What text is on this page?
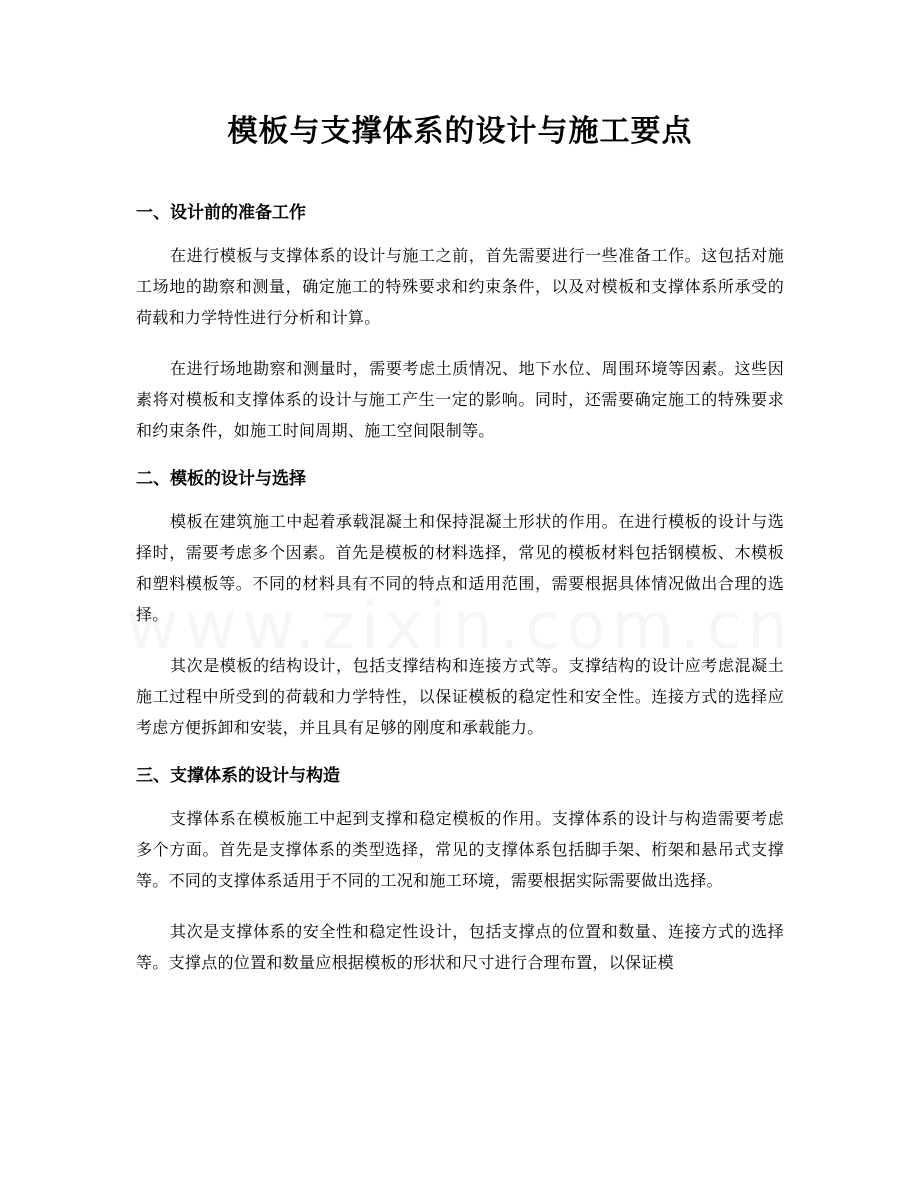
模板与支撑体系的设计与施工要点
一、设计前的准备工作

在进行模板与支撑体系的设计与施工之前，首先需要进行一些准备工作。这包括对施工场地的勘察和测量，确定施工的特殊要求和约束条件，以及对模板和支撑体系所承受的荷载和力学特性进行分析和计算。

在进行场地勘察和测量时，需要考虑土质情况、地下水位、周围环境等因素。这些因素将对模板和支撑体系的设计与施工产生一定的影响。同时，还需要确定施工的特殊要求和约束条件，如施工时间周期、施工空间限制等。

二、模板的设计与选择

模板在建筑施工中起着承载混凝土和保持混凝土形状的作用。在进行模板的设计与选择时，需要考虑多个因素。首先是模板的材料选择，常见的模板材料包括钢模板、木模板和塑料模板等。不同的材料具有不同的特点和适用范围，需要根据具体情况做出合理的选择。

其次是模板的结构设计，包括支撑结构和连接方式等。支撑结构的设计应考虑混凝土施工过程中所受到的荷载和力学特性，以保证模板的稳定性和安全性。连接方式的选择应考虑方便拆卸和安装，并且具有足够的刚度和承载能力。

三、支撑体系的设计与构造

支撑体系在模板施工中起到支撑和稳定模板的作用。支撑体系的设计与构造需要考虑多个方面。首先是支撑体系的类型选择，常见的支撑体系包括脚手架、桁架和悬吊式支撑等。不同的支撑体系适用于不同的工况和施工环境，需要根据实际需要做出选择。

其次是支撑体系的安全性和稳定性设计，包括支撑点的位置和数量、连接方式的选择等。支撑点的位置和数量应根据模板的形状和尺寸进行合理布置，以保证模
